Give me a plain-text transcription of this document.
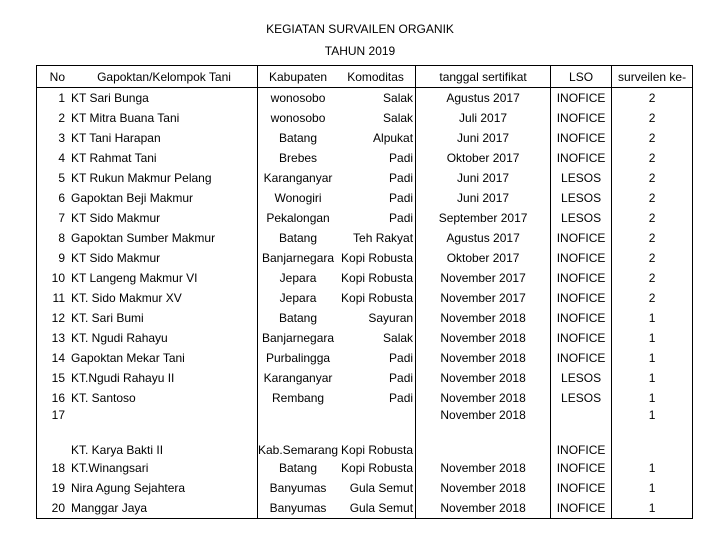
KEGIATAN SURVAILEN ORGANIK
TAHUN 2019
No	Gapoktan/Kelompok Tani	Kabupaten	Komoditas	tanggal sertifikat	LSO	surveilen ke-
1	KT Sari Bunga	wonosobo	Salak	Agustus 2017	INOFICE	2
2	KT Mitra Buana Tani	wonosobo	Salak	Juli 2017	INOFICE	2
3	KT Tani Harapan	Batang	Alpukat	Juni 2017	INOFICE	2
4	KT Rahmat Tani	Brebes	Padi	Oktober 2017	INOFICE	2
5	KT Rukun Makmur Pelang	Karanganyar	Padi	Juni 2017	LESOS	2
6	Gapoktan Beji Makmur	Wonogiri	Padi	Juni 2017	LESOS	2
7	KT Sido Makmur	Pekalongan	Padi	September 2017	LESOS	2
8	Gapoktan Sumber Makmur	Batang	Teh Rakyat	Agustus 2017	INOFICE	2
9	KT Sido Makmur	Banjarnegara	Kopi Robusta	Oktober 2017	INOFICE	2
10	KT Langeng Makmur VI	Jepara	Kopi Robusta	November 2017	INOFICE	2
11	KT. Sido Makmur XV	Jepara	Kopi Robusta	November 2017	INOFICE	2
12	KT. Sari Bumi	Batang	Sayuran	November 2018	INOFICE	1
13	KT. Ngudi Rahayu	Banjarnegara	Salak	November 2018	INOFICE	1
14	Gapoktan Mekar Tani	Purbalingga	Padi	November 2018	INOFICE	1
15	KT.Ngudi Rahayu II	Karanganyar	Padi	November 2018	LESOS	1
16	KT. Santoso	Rembang	Padi	November 2018	LESOS	1
17	KT. Karya Bakti II	Kab.Semarang	Kopi Robusta	November 2018	INOFICE	1
18	KT.Winangsari	Batang	Kopi Robusta	November 2018	INOFICE	1
19	Nira Agung Sejahtera	Banyumas	Gula Semut	November 2018	INOFICE	1
20	Manggar Jaya	Banyumas	Gula Semut	November 2018	INOFICE	1
